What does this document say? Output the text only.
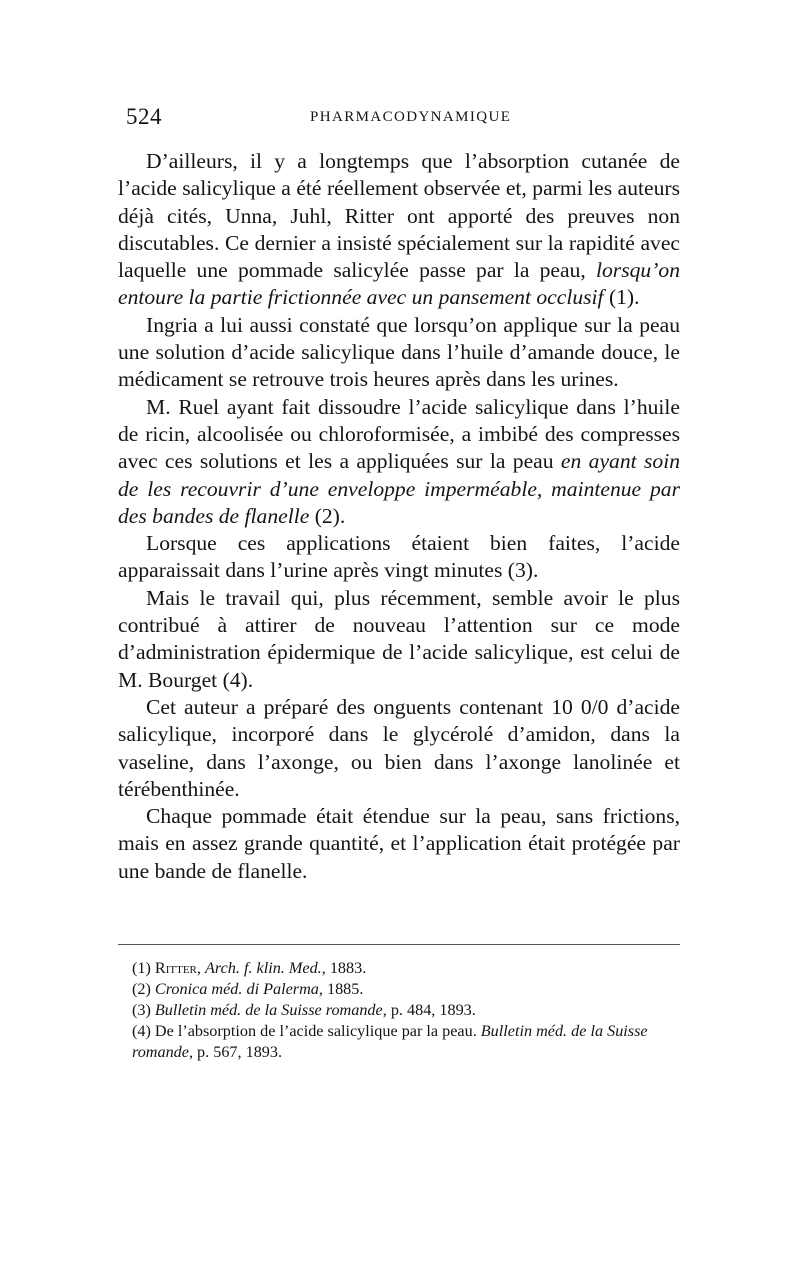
524	PHARMACODYNAMIQUE

D’ailleurs, il y a longtemps que l’absorption cutanée de l’acide salicylique a été réellement observée et, parmi les auteurs déjà cités, Unna, Juhl, Ritter ont apporté des preuves non discutables. Ce dernier a insisté spécialement sur la rapidité avec laquelle une pommade salicylée passe par la peau, lorsqu’on entoure la partie frictionnée avec un pansement occlusif (1).

Ingria a lui aussi constaté que lorsqu’on applique sur la peau une solution d’acide salicylique dans l’huile d’amande douce, le médicament se retrouve trois heures après dans les urines.

M. Ruel ayant fait dissoudre l’acide salicylique dans l’huile de ricin, alcoolisée ou chloroformisée, a imbibé des compresses avec ces solutions et les a appliquées sur la peau en ayant soin de les recouvrir d’une enveloppe imperméable, maintenue par des bandes de flanelle (2).

Lorsque ces applications étaient bien faites, l’acide apparaissait dans l’urine après vingt minutes (3).

Mais le travail qui, plus récemment, semble avoir le plus contribué à attirer de nouveau l’attention sur ce mode d’administration épidermique de l’acide salicylique, est celui de M. Bourget (4).

Cet auteur a préparé des onguents contenant 10 0/0 d’acide salicylique, incorporé dans le glycérolé d’amidon, dans la vaseline, dans l’axonge, ou bien dans l’axonge lanolinée et térébenthinée.

Chaque pommade était étendue sur la peau, sans frictions, mais en assez grande quantité, et l’application était protégée par une bande de flanelle.

(1) Ritter, Arch. f. klin. Med., 1883.

(2) Cronica méd. di Palerma, 1885.

(3) Bulletin méd. de la Suisse romande, p. 484, 1893.

(4) De l’absorption de l’acide salicylique par la peau. Bulletin méd. de la Suisse romande, p. 567, 1893.
